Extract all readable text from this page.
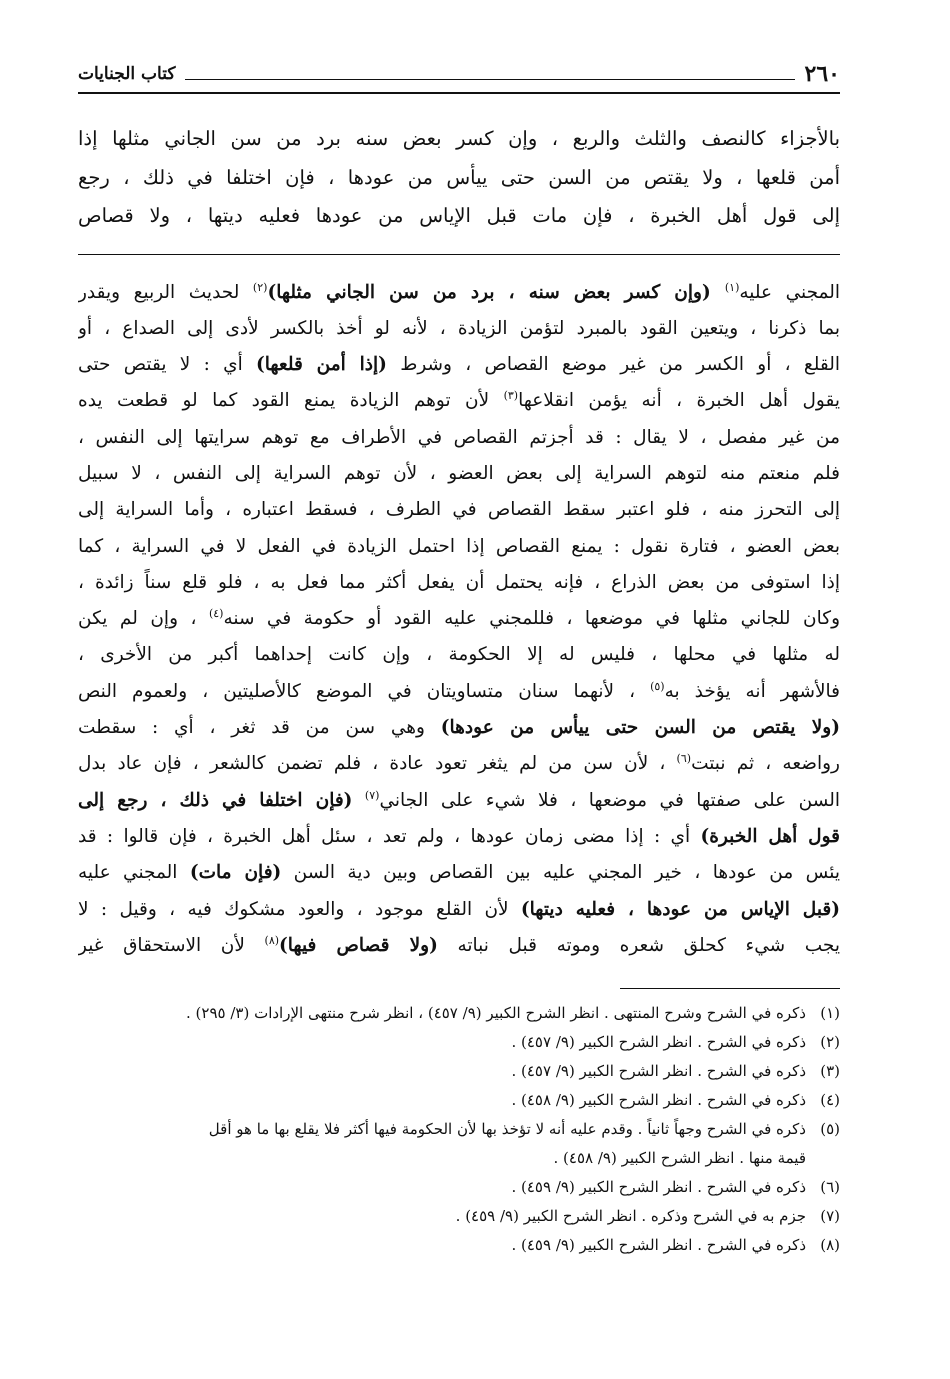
٢٦٠
كتاب الجنايات

بالأجزاء كالنصف والثلث والربع ، وإن كسر بعض سنه برد من سن الجاني مثلها إذا

أمن قلعها ، ولا يقتص من السن حتى ييأس من عودها ، فإن اختلفا في ذلك ، رجع

إلى قول أهل الخبرة ، فإن مات قبل الإياس من عودها فعليه ديتها ، ولا قصاص

المجني عليه$^{(١)}$ (وإن كسر بعض سنه ، برد من سن الجاني مثلها)$^{(٢)}$ لحديث الربيع ويقدر

بما ذكرنا ، ويتعين القود بالمبرد لتؤمن الزيادة ، لأنه لو أخذ بالكسر لأدى إلى الصداع ، أو

القلع ، أو الكسر من غير موضع القصاص ، وشرط (إذا أمن قلعها) أي : لا يقتص حتى

يقول أهل الخبرة ، أنه يؤمن انقلاعها$^{(٣)}$ لأن توهم الزيادة يمنع القود كما لو قطعت يده

من غير مفصل ، لا يقال : قد أجزتم القصاص في الأطراف مع توهم سرايتها إلى النفس ،

فلم منعتم منه لتوهم السراية إلى بعض العضو ، لأن توهم السراية إلى النفس ، لا سبيل

إلى التحرز منه ، فلو اعتبر سقط القصاص في الطرف ، فسقط اعتباره ، وأما السراية إلى

بعض العضو ، فتارة نقول : يمنع القصاص إذا احتمل الزيادة في الفعل لا في السراية ، كما

إذا استوفى من بعض الذراع ، فإنه يحتمل أن يفعل أكثر مما فعل به ، فلو قلع سناً زائدة ،

وكان للجاني مثلها في موضعها ، فللمجني عليه القود أو حكومة في سنه$^{(٤)}$ ، وإن لم يكن

له مثلها في محلها ، فليس له إلا الحكومة ، وإن كانت إحداهما أكبر من الأخرى ،

فالأشهر أنه يؤخذ به$^{(٥)}$ ، لأنهما سنان متساويتان في الموضع كالأصليتين ، ولعموم النص

(ولا يقتص من السن حتى ييأس من عودها) وهي سن من قد ثغر ، أي : سقطت

رواضعه ، ثم نبتت$^{(٦)}$ ، لأن سن من لم يثغر تعود عادة ، فلم تضمن كالشعر ، فإن عاد بدل

السن على صفتها في موضعها ، فلا شيء على الجاني$^{(٧)}$ (فإن اختلفا في ذلك ، رجع إلى

قول أهل الخبرة) أي : إذا مضى زمان عودها ، ولم تعد ، سئل أهل الخبرة ، فإن قالوا : قد

يئس من عودها ، خير المجني عليه بين القصاص وبين دية السن (فإن مات) المجني عليه

(قبل الإياس من عودها ، فعليه ديتها) لأن القلع موجود ، والعود مشكوك فيه ، وقيل : لا

يجب شيء كحلق شعره وموته قبل نباته (ولا قصاص فيها)$^{(٨)}$ لأن الاستحقاق غير

(١)
ذكره في الشرح وشرح المنتهى . انظر الشرح الكبير (٩/ ٤٥٧) ، انظر شرح منتهى الإرادات (٣/ ٢٩٥) .
(٢)
ذكره في الشرح . انظر الشرح الكبير (٩/ ٤٥٧) .
(٣)
ذكره في الشرح . انظر الشرح الكبير (٩/ ٤٥٧) .
(٤)
ذكره في الشرح . انظر الشرح الكبير (٩/ ٤٥٨) .
(٥)
ذكره في الشرح وجهاً ثانياً . وقدم عليه أنه لا تؤخذ بها لأن الحكومة فيها أكثر فلا يقلع بها ما هو أقل
قيمة منها . انظر الشرح الكبير (٩/ ٤٥٨) .
(٦)
ذكره في الشرح . انظر الشرح الكبير (٩/ ٤٥٩) .
(٧)
جزم به في الشرح وذكره . انظر الشرح الكبير (٩/ ٤٥٩) .
(٨)
ذكره في الشرح . انظر الشرح الكبير (٩/ ٤٥٩) .
